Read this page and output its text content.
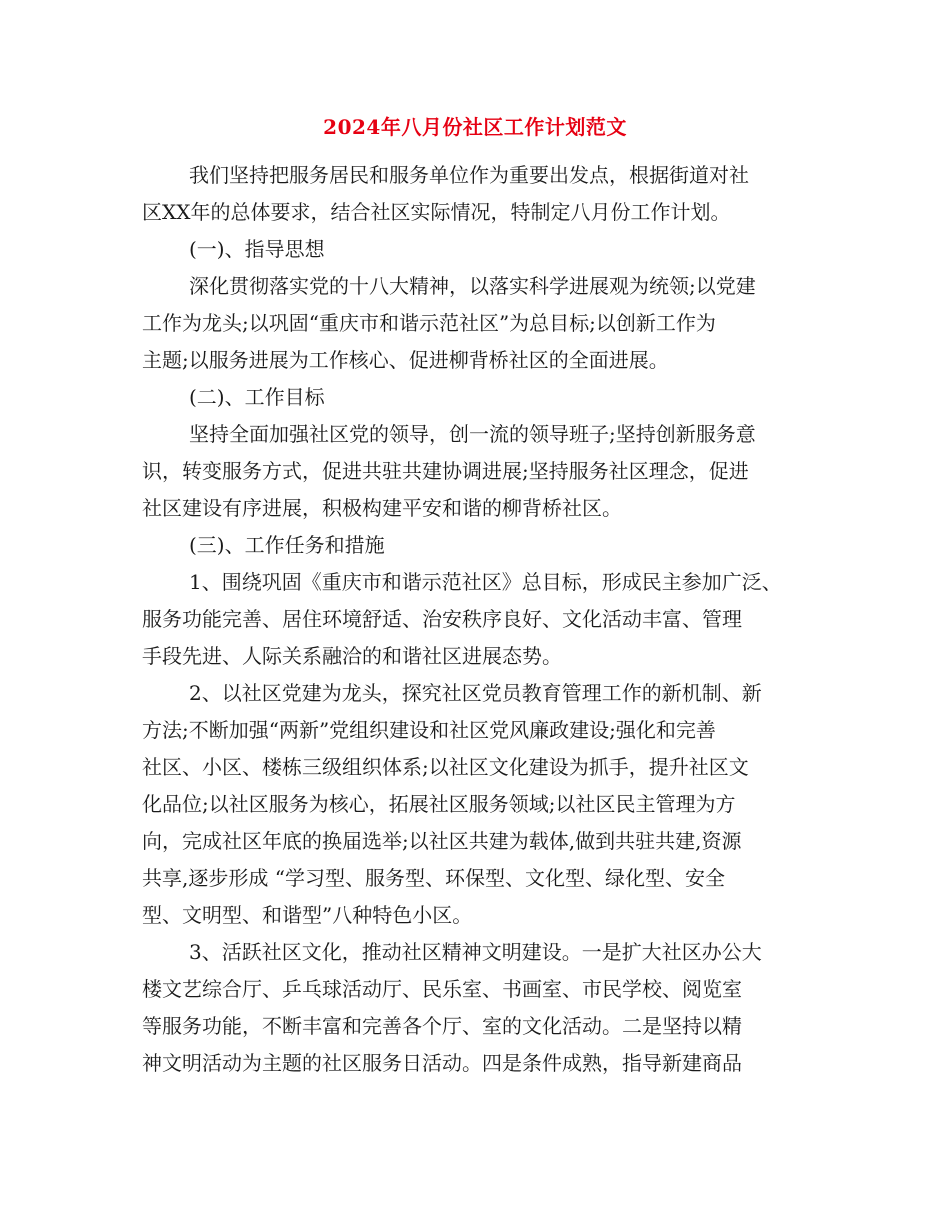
2024年八月份社区工作计划范文
我们坚持把服务居民和服务单位作为重要出发点，根据街道对社
区XX年的总体要求，结合社区实际情况，特制定八月份工作计划。
(一)、指导思想
深化贯彻落实党的十八大精神，以落实科学进展观为统领;以党建
工作为龙头;以巩固“重庆市和谐示范社区”为总目标;以创新工作为
主题;以服务进展为工作核心、促进柳背桥社区的全面进展。
(二)、工作目标
坚持全面加强社区党的领导，创一流的领导班子;坚持创新服务意
识，转变服务方式，促进共驻共建协调进展;坚持服务社区理念，促进
社区建设有序进展，积极构建平安和谐的柳背桥社区。
(三)、工作任务和措施
1、围绕巩固《重庆市和谐示范社区》总目标，形成民主参加广泛、
服务功能完善、居住环境舒适、治安秩序良好、文化活动丰富、管理
手段先进、人际关系融洽的和谐社区进展态势。
2、以社区党建为龙头，探究社区党员教育管理工作的新机制、新
方法;不断加强“两新”党组织建设和社区党风廉政建设;强化和完善
社区、小区、楼栋三级组织体系;以社区文化建设为抓手，提升社区文
化品位;以社区服务为核心，拓展社区服务领域;以社区民主管理为方
向，完成社区年底的换届选举;以社区共建为载体,做到共驻共建,资源
共享,逐步形成 “学习型、服务型、环保型、文化型、绿化型、安全
型、文明型、和谐型”八种特色小区。
3、活跃社区文化，推动社区精神文明建设。一是扩大社区办公大
楼文艺综合厅、乒乓球活动厅、民乐室、书画室、市民学校、阅览室
等服务功能，不断丰富和完善各个厅、室的文化活动。二是坚持以精
神文明活动为主题的社区服务日活动。四是条件成熟，指导新建商品
